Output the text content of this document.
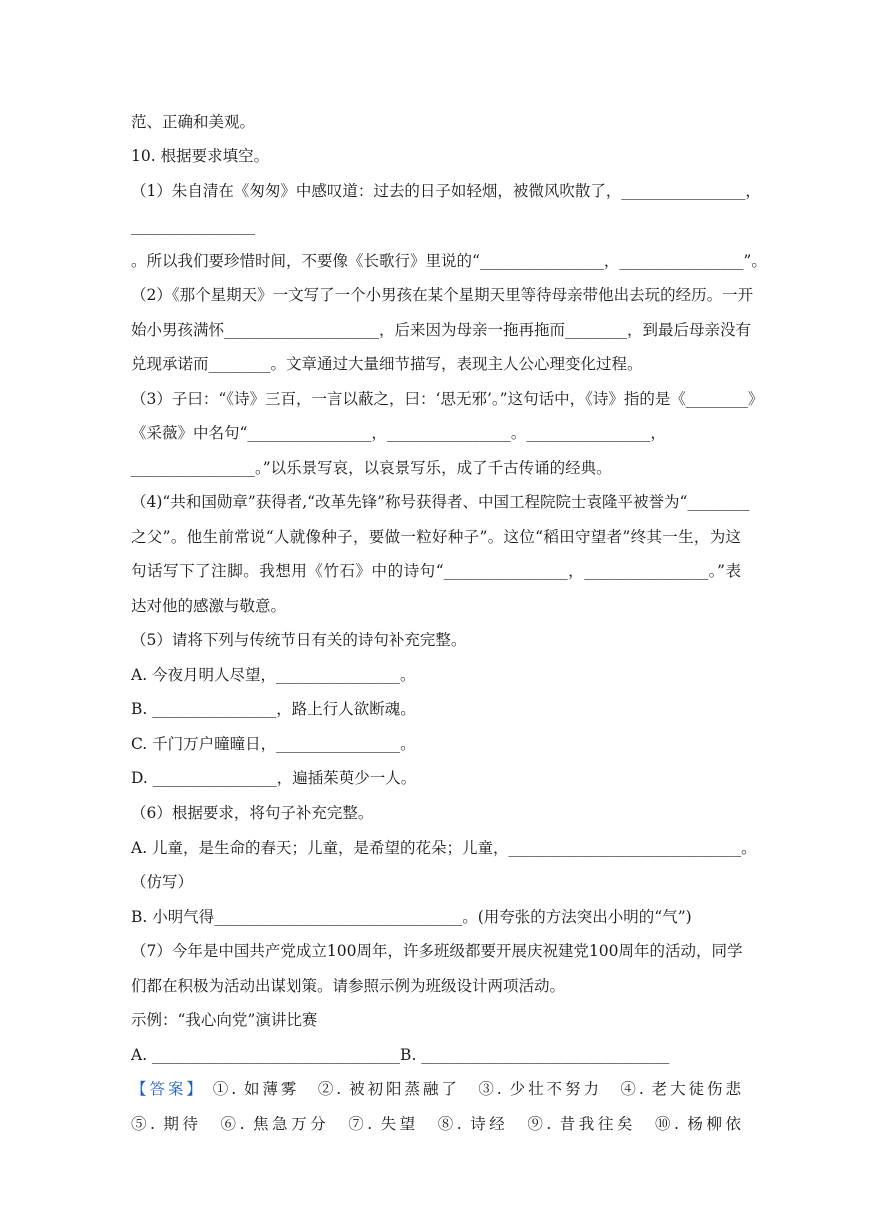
范、正确和美观。
10. 根据要求填空。
（1）朱自清在《匆匆》中感叹道：过去的日子如轻烟，被微风吹散了，________________，
________________
。所以我们要珍惜时间，不要像《长歌行》里说的“________________，________________”。
（2）《那个星期天》一文写了一个小男孩在某个星期天里等待母亲带他出去玩的经历。一开
始小男孩满怀____________________，后来因为母亲一拖再拖而________，到最后母亲没有
兑现承诺而________。文章通过大量细节描写，表现主人公心理变化过程。
（3）子曰：“《诗》三百，一言以蔽之，曰：‘思无邪’。”这句话中，《诗》指的是《________》
《采薇》中名句“________________，________________。________________，
________________。”以乐景写哀，以哀景写乐，成了千古传诵的经典。
（4)“共和国勋章”获得者,“改革先锋”称号获得者、中国工程院院士袁隆平被誉为“________
之父”。他生前常说“人就像种子，要做一粒好种子”。这位“稻田守望者”终其一生，为这
句话写下了注脚。我想用《竹石》中的诗句“________________，________________。”表
达对他的感激与敬意。
（5）请将下列与传统节日有关的诗句补充完整。
A. 今夜月明人尽望，________________。
B. ________________，路上行人欲断魂。
C. 千门万户曈曈日，________________。
D. ________________，遍插茱萸少一人。
（6）根据要求，将句子补充完整。
A. 儿童，是生命的春天；儿童，是希望的花朵；儿童，______________________________。
（仿写）
B. 小明气得________________________________。(用夸张的方法突出小明的“气”)
（7）今年是中国共产党成立100周年，许多班级都要开展庆祝建党100周年的活动，同学
们都在积极为活动出谋划策。请参照示例为班级设计两项活动。
示例：“我心向党”演讲比赛
A. ________________________________B. ________________________________
【答案】 ①. 如薄雾　②. 被初阳蒸融了　③. 少壮不努力　④. 老大徒伤悲
⑤. 期待　⑥. 焦急万分　⑦. 失望　⑧. 诗经　⑨. 昔我往矣　⑩. 杨柳依
